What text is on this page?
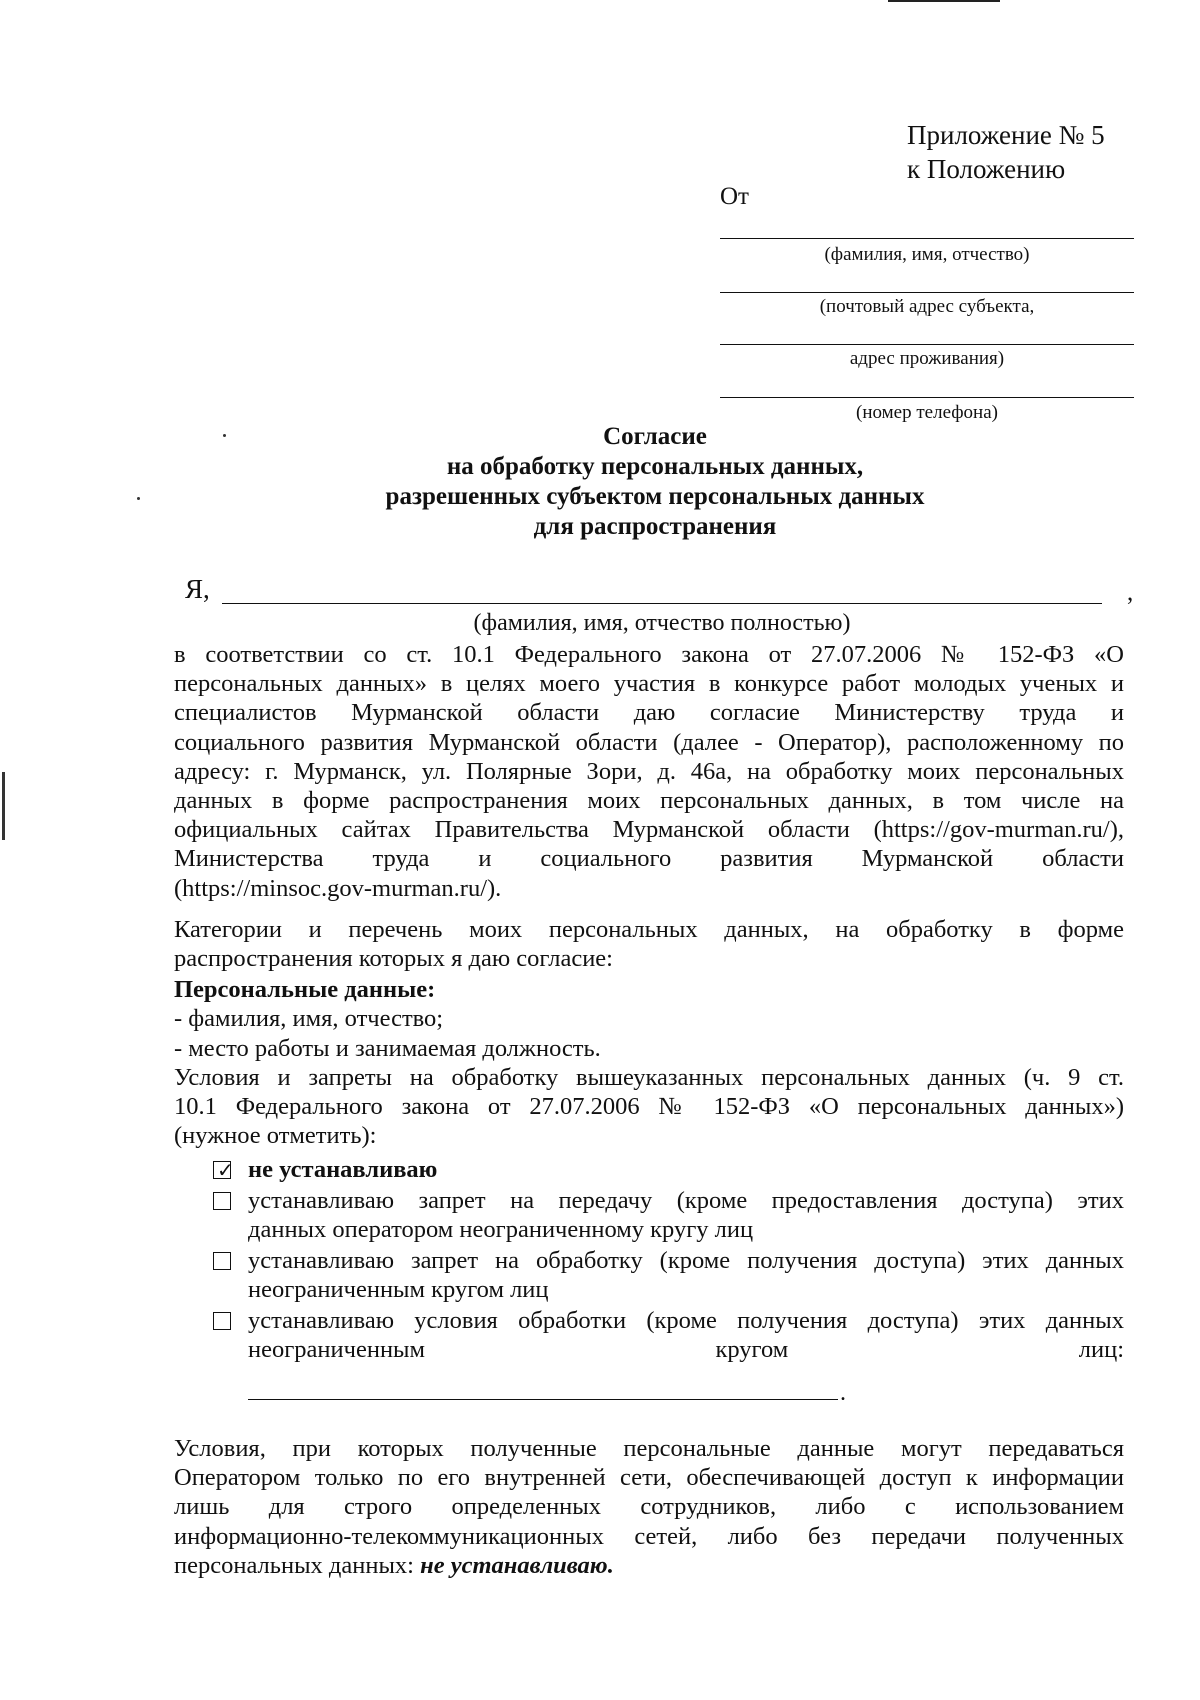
Приложение № 5
к Положению
От
(фамилия, имя, отчество)
(почтовый адрес субъекта,
адрес проживания)
(номер телефона)
Согласие
на обработку персональных данных,
разрешенных субъектом персональных данных
для распространения
Я,	,
(фамилия, имя, отчество полностью)
в соответствии со ст. 10.1 Федерального закона от 27.07.2006 № 152-ФЗ «О
персональных данных» в целях моего участия в конкурсе работ молодых ученых и
специалистов Мурманской области даю согласие Министерству труда и
социального развития Мурманской области (далее - Оператор), расположенному по
адресу: г. Мурманск, ул. Полярные Зори, д. 46а, на обработку моих персональных
данных в форме распространения моих персональных данных, в том числе на
официальных сайтах Правительства Мурманской области (https://gov-murman.ru/),
Министерства труда и социального развития Мурманской области
(https://minsoc.gov-murman.ru/).
Категории и перечень моих персональных данных, на обработку в форме
распространения которых я даю согласие:
Персональные данные:
- фамилия, имя, отчество;
- место работы и занимаемая должность.
Условия и запреты на обработку вышеуказанных персональных данных (ч. 9 ст.
10.1 Федерального закона от 27.07.2006 № 152-ФЗ «О персональных данных»)
(нужное отметить):
✓ не устанавливаю
устанавливаю запрет на передачу (кроме предоставления доступа) этих
данных оператором неограниченному кругу лиц
устанавливаю запрет на обработку (кроме получения доступа) этих данных
неограниченным кругом лиц
устанавливаю условия обработки (кроме получения доступа) этих данных
неограниченным кругом лиц:
.
Условия, при которых полученные персональные данные могут передаваться
Оператором только по его внутренней сети, обеспечивающей доступ к информации
лишь для строго определенных сотрудников, либо с использованием
информационно-телекоммуникационных сетей, либо без передачи полученных
персональных данных: не устанавливаю.
